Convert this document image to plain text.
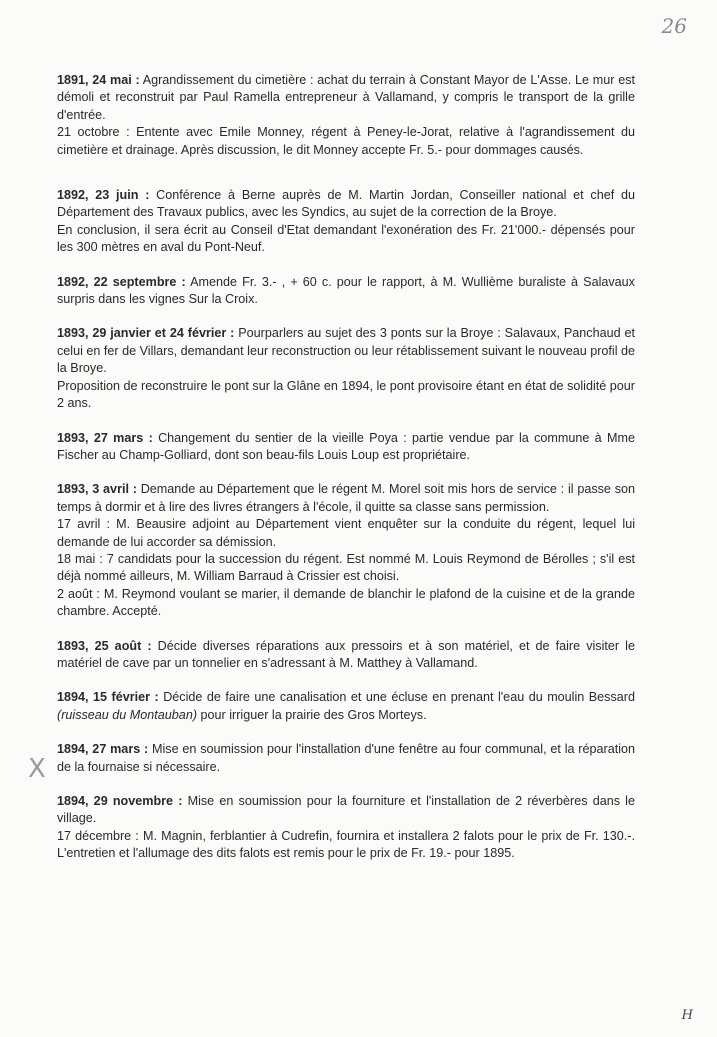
26
X

1891, 24 mai : Agrandissement du cimetière : achat du terrain à Constant Mayor de L'Asse. Le mur est démoli et reconstruit par Paul Ramella entrepreneur à Vallamand, y compris le transport de la grille d'entrée.

21 octobre : Entente avec Emile Monney, régent à Peney-le-Jorat, relative à l'agrandissement du cimetière et drainage. Après discussion, le dit Monney accepte Fr. 5.- pour dommages causés.

1892, 23 juin : Conférence à Berne auprès de M. Martin Jordan, Conseiller national et chef du Département des Travaux publics, avec les Syndics, au sujet de la correction de la Broye.

En conclusion, il sera écrit au Conseil d'Etat demandant l'exonération des Fr. 21'000.- dépensés pour les 300 mètres en aval du Pont-Neuf.

1892, 22 septembre : Amende Fr. 3.- , + 60 c. pour le rapport, à M. Wullième buraliste à Salavaux surpris dans les vignes Sur la Croix.

1893, 29 janvier et 24 février : Pourparlers au sujet des 3 ponts sur la Broye : Salavaux, Panchaud et celui en fer de Villars, demandant leur reconstruction ou leur rétablissement suivant le nouveau profil de la Broye.

Proposition de reconstruire le pont sur la Glâne en 1894, le pont provisoire étant en état de solidité pour 2 ans.

1893, 27 mars : Changement du sentier de la vieille Poya : partie vendue par la commune à Mme Fischer au Champ-Golliard, dont son beau-fils Louis Loup est propriétaire.

1893, 3 avril : Demande au Département que le régent M. Morel soit mis hors de service : il passe son temps à dormir et à lire des livres étrangers à l'école, il quitte sa classe sans permission.

17 avril : M. Beausire adjoint au Département vient enquêter sur la conduite du régent, lequel lui demande de lui accorder sa démission.

18 mai : 7 candidats pour la succession du régent. Est nommé M. Louis Reymond de Bérolles ; s'il est déjà nommé ailleurs, M. William Barraud à Crissier est choisi.

2 août : M. Reymond voulant se marier, il demande de blanchir le plafond de la cuisine et de la grande chambre. Accepté.

1893, 25 août : Décide diverses réparations aux pressoirs et à son matériel, et de faire visiter le matériel de cave par un tonnelier en s'adressant à M. Matthey à Vallamand.

1894, 15 février : Décide de faire une canalisation et une écluse en prenant l'eau du moulin Bessard (ruisseau du Montauban) pour irriguer la prairie des Gros Morteys.

1894, 27 mars : Mise en soumission pour l'installation d'une fenêtre au four communal, et la réparation de la fournaise si nécessaire.

1894, 29 novembre : Mise en soumission pour la fourniture et l'installation de 2 réverbères dans le village.

17 décembre : M. Magnin, ferblantier à Cudrefin, fournira et installera 2 falots pour le prix de Fr. 130.-. L'entretien et l'allumage des dits falots est remis pour le prix de Fr. 19.- pour 1895.

H
